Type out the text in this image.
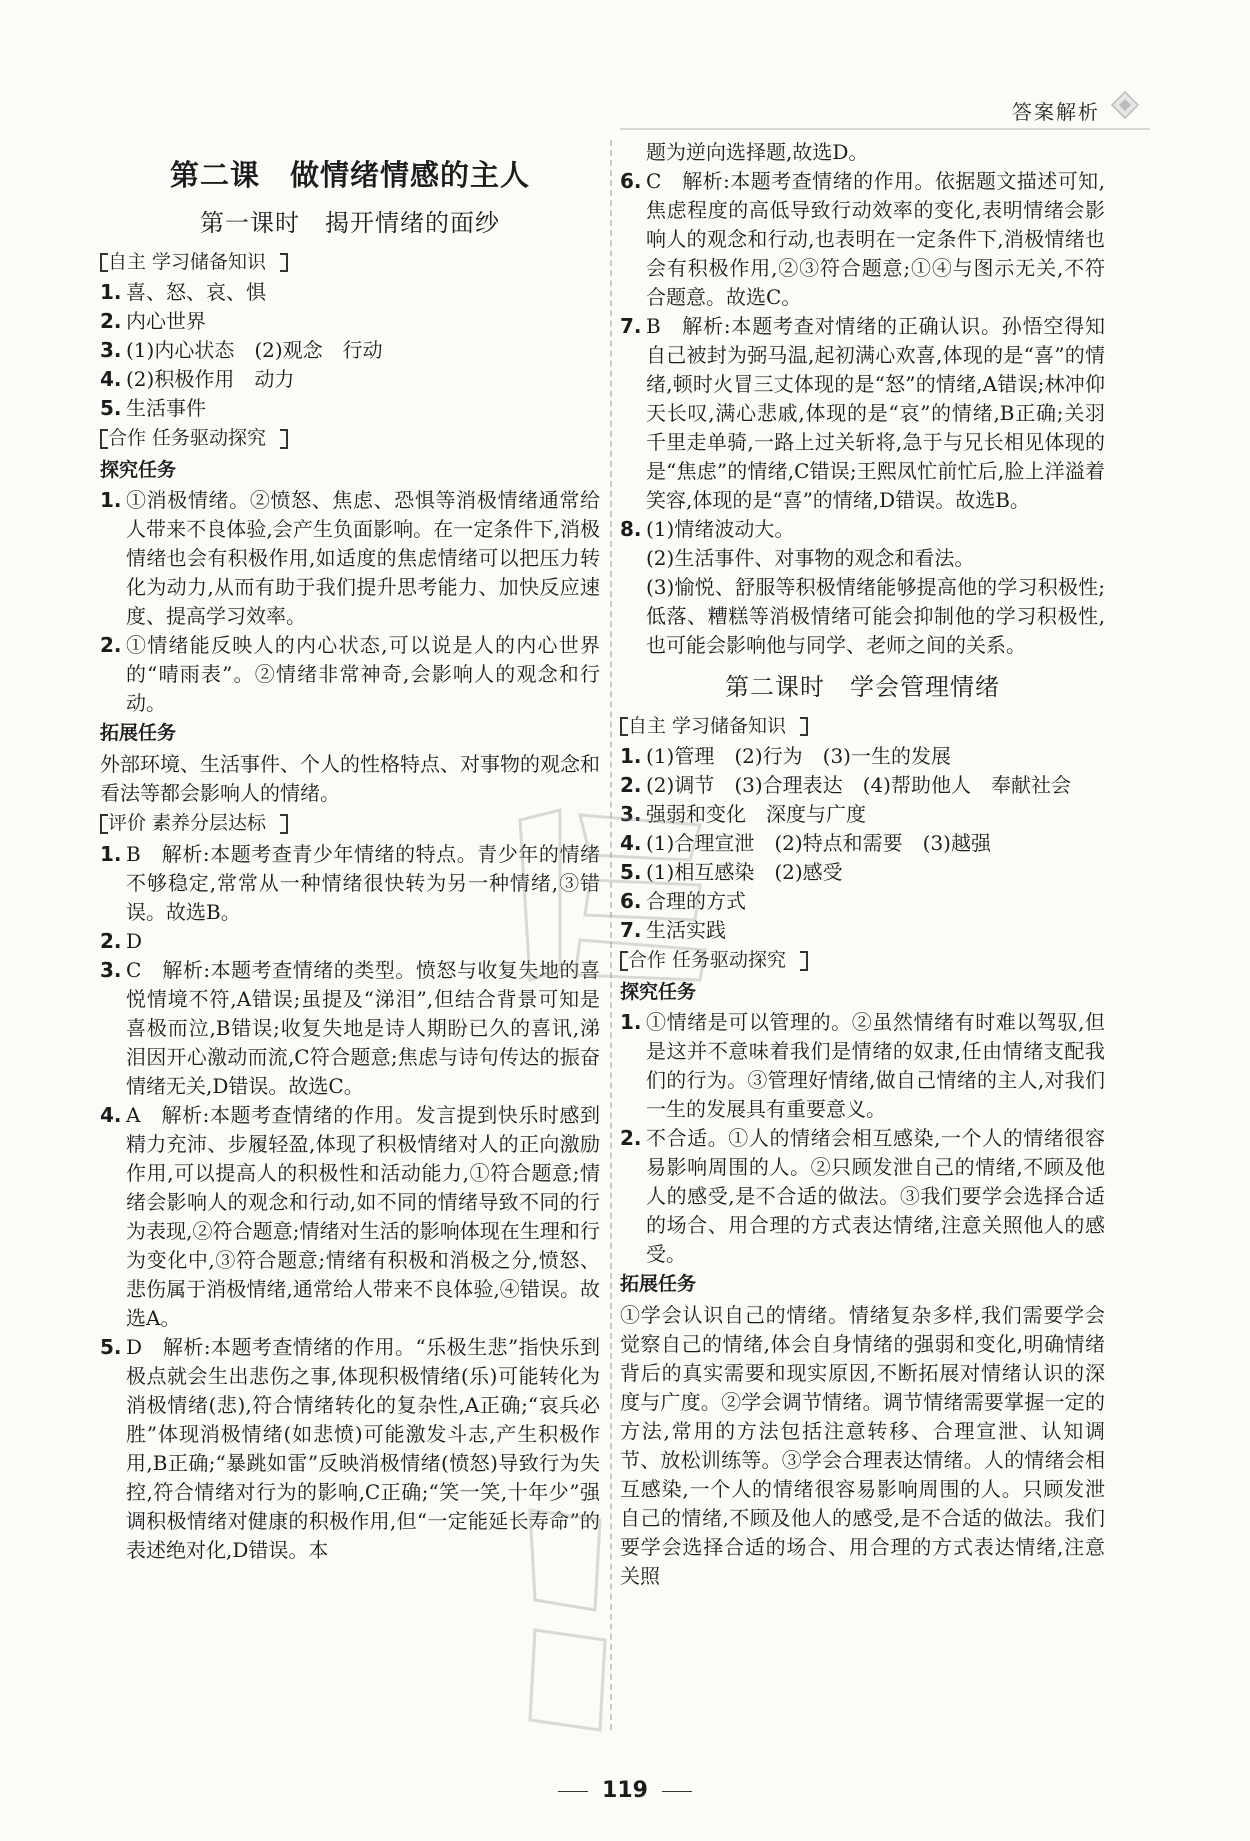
答案解析
第二课　做情绪情感的主人
第一课时　揭开情绪的面纱
自主 学习储备知识
1. 喜、怒、哀、惧
2. 内心世界
3. (1)内心状态　(2)观念　行动
4. (2)积极作用　动力
5. 生活事件
合作 任务驱动探究
探究任务
1. ①消极情绪。②愤怒、焦虑、恐惧等消极情绪通常给人带来不良体验,会产生负面影响。在一定条件下,消极情绪也会有积极作用,如适度的焦虑情绪可以把压力转化为动力,从而有助于我们提升思考能力、加快反应速度、提高学习效率。
2. ①情绪能反映人的内心状态,可以说是人的内心世界的“晴雨表”。②情绪非常神奇,会影响人的观念和行动。
拓展任务
外部环境、生活事件、个人的性格特点、对事物的观念和看法等都会影响人的情绪。
评价 素养分层达标
1. B　解析:本题考查青少年情绪的特点。青少年的情绪不够稳定,常常从一种情绪很快转为另一种情绪,③错误。故选B。
2. D
3. C　解析:本题考查情绪的类型。愤怒与收复失地的喜悦情境不符,A错误;虽提及“涕泪”,但结合背景可知是喜极而泣,B错误;收复失地是诗人期盼已久的喜讯,涕泪因开心激动而流,C符合题意;焦虑与诗句传达的振奋情绪无关,D错误。故选C。
4. A　解析:本题考查情绪的作用。发言提到快乐时感到精力充沛、步履轻盈,体现了积极情绪对人的正向激励作用,可以提高人的积极性和活动能力,①符合题意;情绪会影响人的观念和行动,如不同的情绪导致不同的行为表现,②符合题意;情绪对生活的影响体现在生理和行为变化中,③符合题意;情绪有积极和消极之分,愤怒、悲伤属于消极情绪,通常给人带来不良体验,④错误。故选A。
5. D　解析:本题考查情绪的作用。“乐极生悲”指快乐到极点就会生出悲伤之事,体现积极情绪(乐)可能转化为消极情绪(悲),符合情绪转化的复杂性,A正确;“哀兵必胜”体现消极情绪(如悲愤)可能激发斗志,产生积极作用,B正确;“暴跳如雷”反映消极情绪(愤怒)导致行为失控,符合情绪对行为的影响,C正确;“笑一笑,十年少”强调积极情绪对健康的积极作用,但“一定能延长寿命”的表述绝对化,D错误。本
题为逆向选择题,故选D。
6. C　解析:本题考查情绪的作用。依据题文描述可知,焦虑程度的高低导致行动效率的变化,表明情绪会影响人的观念和行动,也表明在一定条件下,消极情绪也会有积极作用,②③符合题意;①④与图示无关,不符合题意。故选C。
7. B　解析:本题考查对情绪的正确认识。孙悟空得知自己被封为弼马温,起初满心欢喜,体现的是“喜”的情绪,顿时火冒三丈体现的是“怒”的情绪,A错误;林冲仰天长叹,满心悲戚,体现的是“哀”的情绪,B正确;关羽千里走单骑,一路上过关斩将,急于与兄长相见体现的是“焦虑”的情绪,C错误;王熙凤忙前忙后,脸上洋溢着笑容,体现的是“喜”的情绪,D错误。故选B。
8. (1)情绪波动大。
(2)生活事件、对事物的观念和看法。
(3)愉悦、舒服等积极情绪能够提高他的学习积极性;低落、糟糕等消极情绪可能会抑制他的学习积极性,也可能会影响他与同学、老师之间的关系。
第二课时　学会管理情绪
自主 学习储备知识
1. (1)管理　(2)行为　(3)一生的发展
2. (2)调节　(3)合理表达　(4)帮助他人　奉献社会
3. 强弱和变化　深度与广度
4. (1)合理宣泄　(2)特点和需要　(3)越强
5. (1)相互感染　(2)感受
6. 合理的方式
7. 生活实践
合作 任务驱动探究
探究任务
1. ①情绪是可以管理的。②虽然情绪有时难以驾驭,但是这并不意味着我们是情绪的奴隶,任由情绪支配我们的行为。③管理好情绪,做自己情绪的主人,对我们一生的发展具有重要意义。
2. 不合适。①人的情绪会相互感染,一个人的情绪很容易影响周围的人。②只顾发泄自己的情绪,不顾及他人的感受,是不合适的做法。③我们要学会选择合适的场合、用合理的方式表达情绪,注意关照他人的感受。
拓展任务
①学会认识自己的情绪。情绪复杂多样,我们需要学会觉察自己的情绪,体会自身情绪的强弱和变化,明确情绪背后的真实需要和现实原因,不断拓展对情绪认识的深度与广度。②学会调节情绪。调节情绪需要掌握一定的方法,常用的方法包括注意转移、合理宣泄、认知调节、放松训练等。③学会合理表达情绪。人的情绪会相互感染,一个人的情绪很容易影响周围的人。只顾发泄自己的情绪,不顾及他人的感受,是不合适的做法。我们要学会选择合适的场合、用合理的方式表达情绪,注意关照
119
